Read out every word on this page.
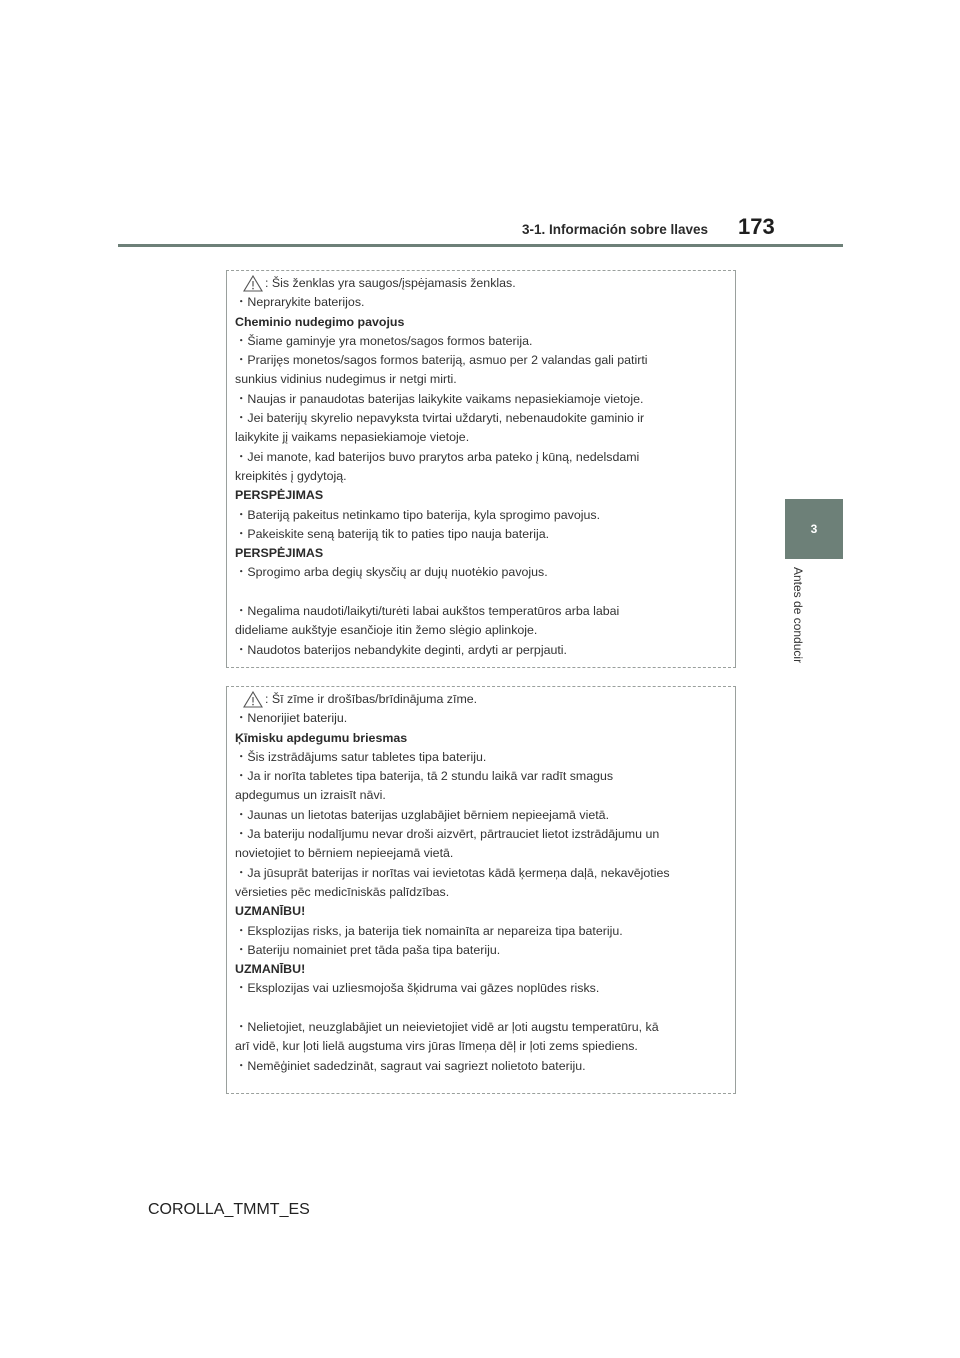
3-1. Información sobre llaves 173
3
Antes de conducir
: Šis ženklas yra saugos/įspėjamasis ženklas.
・Neprarykite baterijos.
Cheminio nudegimo pavojus
・Šiame gaminyje yra monetos/sagos formos baterija.
・Prarijęs monetos/sagos formos bateriją, asmuo per 2 valandas gali patirti
sunkius vidinius nudegimus ir netgi mirti.
・Naujas ir panaudotas baterijas laikykite vaikams nepasiekiamoje vietoje.
・Jei baterijų skyrelio nepavyksta tvirtai uždaryti, nebenaudokite gaminio ir
laikykite jį vaikams nepasiekiamoje vietoje.
・Jei manote, kad baterijos buvo prarytos arba pateko į kūną, nedelsdami
kreipkitės į gydytoją.
PERSPĖJIMAS
・Bateriją pakeitus netinkamo tipo baterija, kyla sprogimo pavojus.
・Pakeiskite seną bateriją tik to paties tipo nauja baterija.
PERSPĖJIMAS
・Sprogimo arba degių skysčių ar dujų nuotėkio pavojus.
・Negalima naudoti/laikyti/turėti labai aukštos temperatūros arba labai
dideliame aukštyje esančioje itin žemo slėgio aplinkoje.
・Naudotos baterijos nebandykite deginti, ardyti ar perpjauti.
: Šī zīme ir drošības/brīdinājuma zīme.
・Nenorijiet bateriju.
Ķīmisku apdegumu briesmas
・Šis izstrādājums satur tabletes tipa bateriju.
・Ja ir norīta tabletes tipa baterija, tā 2 stundu laikā var radīt smagus
apdegumus un izraisīt nāvi.
・Jaunas un lietotas baterijas uzglabājiet bērniem nepieejamā vietā.
・Ja bateriju nodalījumu nevar droši aizvērt, pārtrauciet lietot izstrādājumu un
novietojiet to bērniem nepieejamā vietā.
・Ja jūsuprāt baterijas ir norītas vai ievietotas kādā ķermeņa daļā, nekavējoties
vērsieties pēc medicīniskās palīdzības.
UZMANĪBU!
・Eksplozijas risks, ja baterija tiek nomainīta ar nepareiza tipa bateriju.
・Bateriju nomainiet pret tāda paša tipa bateriju.
UZMANĪBU!
・Eksplozijas vai uzliesmojoša šķidruma vai gāzes noplūdes risks.
・Nelietojiet, neuzglabājiet un neievietojiet vidē ar ļoti augstu temperatūru, kā
arī vidē, kur ļoti lielā augstuma virs jūras līmeņa dēļ ir ļoti zems spiediens.
・Nemēģiniet sadedzināt, sagraut vai sagriezt nolietoto bateriju.
COROLLA_TMMT_ES
